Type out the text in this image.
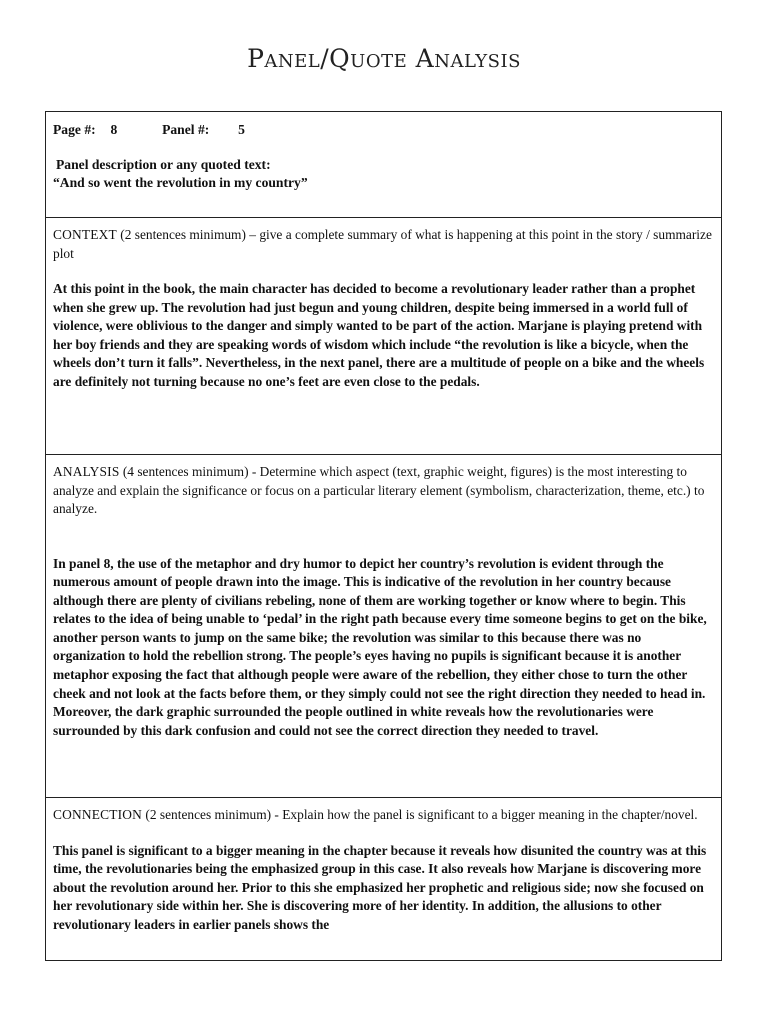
Panel/Quote Analysis
Page #: 8	Panel #: 5
Panel description or any quoted text:
“And so went the revolution in my country”
CONTEXT (2 sentences minimum) – give a complete summary of what is happening at this point in the story / summarize plot
At this point in the book, the main character has decided to become a revolutionary leader rather than a prophet when she grew up. The revolution had just begun and young children, despite being immersed in a world full of violence, were oblivious to the danger and simply wanted to be part of the action. Marjane is playing pretend with her boy friends and they are speaking words of wisdom which include “the revolution is like a bicycle, when the wheels don’t turn it falls”. Nevertheless, in the next panel, there are a multitude of people on a bike and the wheels are definitely not turning because no one’s feet are even close to the pedals.
ANALYSIS (4 sentences minimum) - Determine which aspect (text, graphic weight, figures) is the most interesting to analyze and explain the significance or focus on a particular literary element (symbolism, characterization, theme, etc.) to analyze.
In panel 8, the use of the metaphor and dry humor to depict her country’s revolution is evident through the numerous amount of people drawn into the image. This is indicative of the revolution in her country because although there are plenty of civilians rebeling, none of them are working together or know where to begin. This relates to the idea of being unable to ‘pedal’ in the right path because every time someone begins to get on the bike, another person wants to jump on the same bike; the revolution was similar to this because there was no organization to hold the rebellion strong. The people’s eyes having no pupils is significant because it is another metaphor exposing the fact that although people were aware of the rebellion, they either chose to turn the other cheek and not look at the facts before them, or they simply could not see the right direction they needed to head in. Moreover, the dark graphic surrounded the people outlined in white reveals how the revolutionaries were surrounded by this dark confusion and could not see the correct direction they needed to travel.
CONNECTION (2 sentences minimum) - Explain how the panel is significant to a bigger meaning in the chapter/novel.
This panel is significant to a bigger meaning in the chapter because it reveals how disunited the country was at this time, the revolutionaries being the emphasized group in this case. It also reveals how Marjane is discovering more about the revolution around her. Prior to this she emphasized her prophetic and religious side; now she focused on her revolutionary side within her. She is discovering more of her identity. In addition, the allusions to other revolutionary leaders in earlier panels shows the
